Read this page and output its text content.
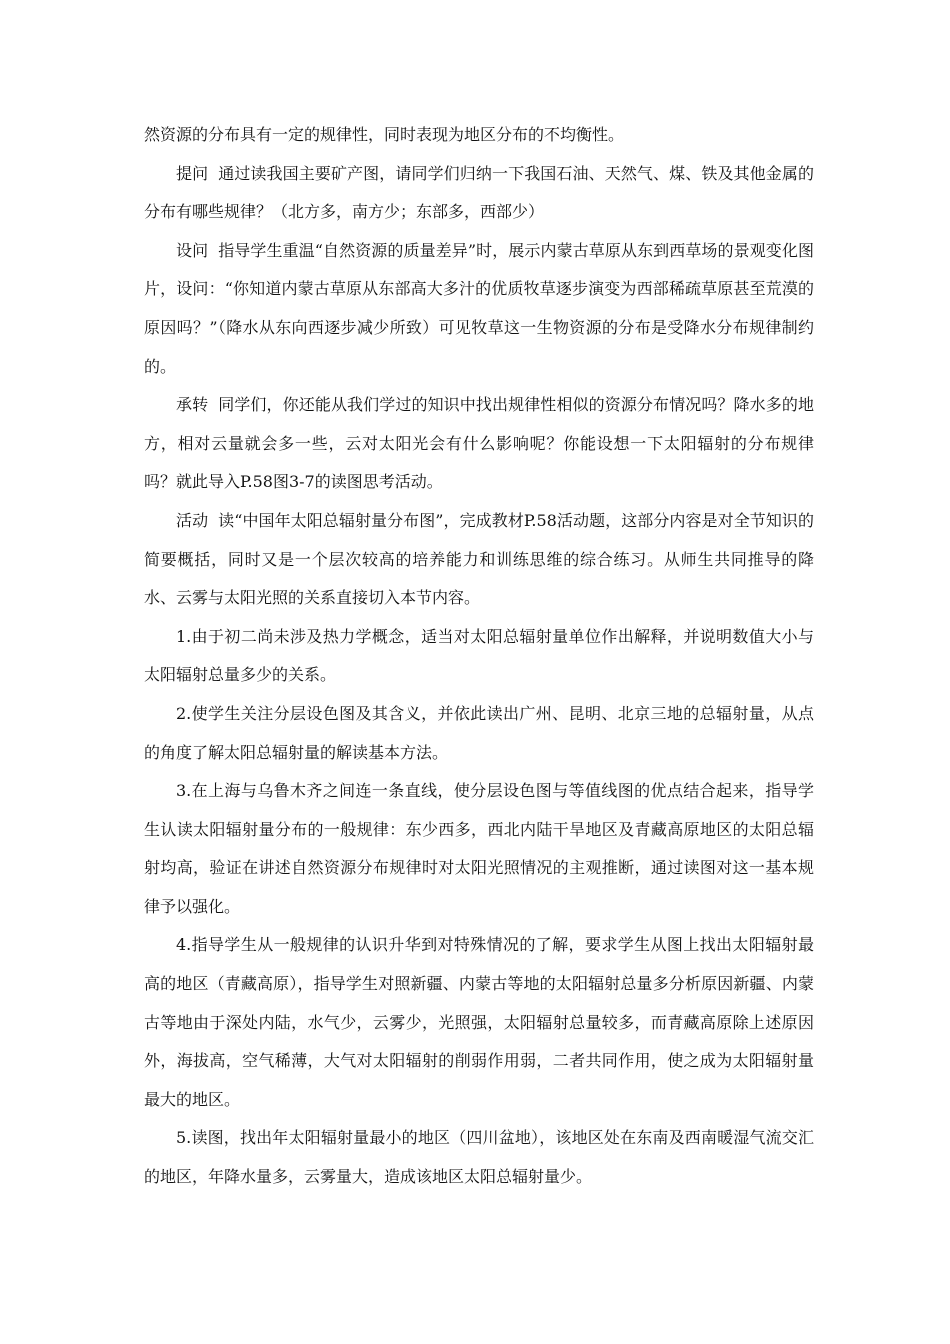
然资源的分布具有一定的规律性，同时表现为地区分布的不均衡性。

提问 通过读我国主要矿产图，请同学们归纳一下我国石油、天然气、煤、铁及其他金属的分布有哪些规律？（北方多，南方少；东部多，西部少）

设问 指导学生重温“自然资源的质量差异”时，展示内蒙古草原从东到西草场的景观变化图片，设问：“你知道内蒙古草原从东部高大多汁的优质牧草逐步演变为西部稀疏草原甚至荒漠的原因吗？”（降水从东向西逐步减少所致）可见牧草这一生物资源的分布是受降水分布规律制约的。

承转 同学们，你还能从我们学过的知识中找出规律性相似的资源分布情况吗？降水多的地方，相对云量就会多一些，云对太阳光会有什么影响呢？你能设想一下太阳辐射的分布规律吗？就此导入P.58图3-7的读图思考活动。

活动 读“中国年太阳总辐射量分布图”，完成教材P.58活动题，这部分内容是对全节知识的简要概括，同时又是一个层次较高的培养能力和训练思维的综合练习。从师生共同推导的降水、云雾与太阳光照的关系直接切入本节内容。

1.由于初二尚未涉及热力学概念，适当对太阳总辐射量单位作出解释，并说明数值大小与太阳辐射总量多少的关系。

2.使学生关注分层设色图及其含义，并依此读出广州、昆明、北京三地的总辐射量，从点的角度了解太阳总辐射量的解读基本方法。

3.在上海与乌鲁木齐之间连一条直线，使分层设色图与等值线图的优点结合起来，指导学生认读太阳辐射量分布的一般规律：东少西多，西北内陆干旱地区及青藏高原地区的太阳总辐射均高，验证在讲述自然资源分布规律时对太阳光照情况的主观推断，通过读图对这一基本规律予以强化。

4.指导学生从一般规律的认识升华到对特殊情况的了解，要求学生从图上找出太阳辐射最高的地区（青藏高原），指导学生对照新疆、内蒙古等地的太阳辐射总量多分析原因新疆、内蒙古等地由于深处内陆，水气少，云雾少，光照强，太阳辐射总量较多，而青藏高原除上述原因外，海拔高，空气稀薄，大气对太阳辐射的削弱作用弱，二者共同作用，使之成为太阳辐射量最大的地区。

5.读图，找出年太阳辐射量最小的地区（四川盆地），该地区处在东南及西南暖湿气流交汇的地区，年降水量多，云雾量大，造成该地区太阳总辐射量少。
